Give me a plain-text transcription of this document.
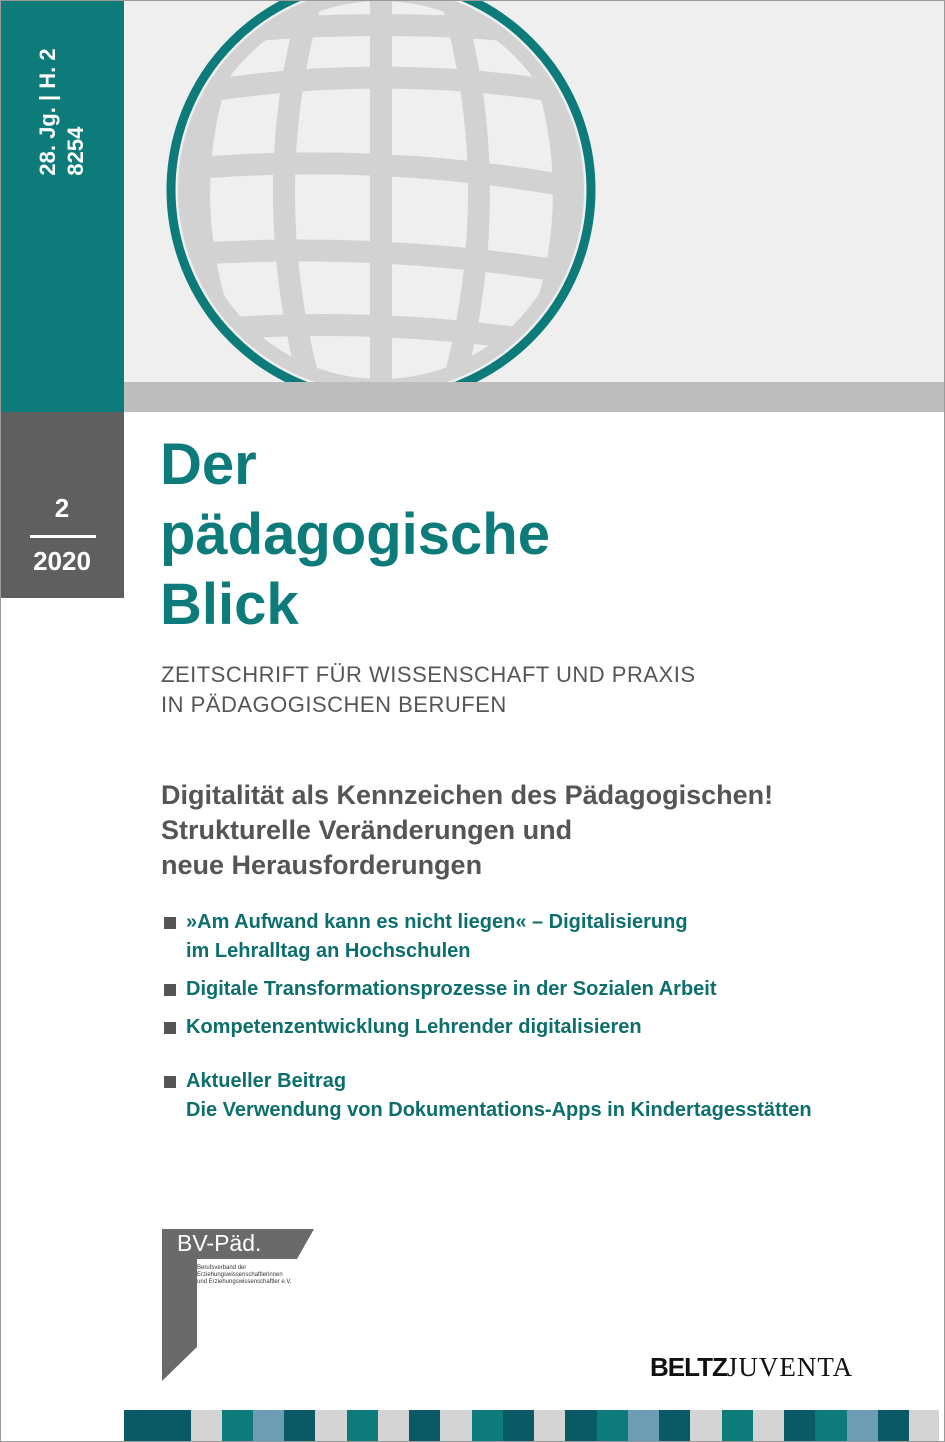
28. Jg. | H. 2 8254
2
2020
Der
pädagogische
Blick
ZEITSCHRIFT FÜR WISSENSCHAFT UND PRAXIS
IN PÄDAGOGISCHEN BERUFEN
Digitalität als Kennzeichen des Pädagogischen!
Strukturelle Veränderungen und
neue Herausforderungen
»Am Aufwand kann es nicht liegen« – Digitalisierung
im Lehralltag an Hochschulen
Digitale Transformationsprozesse in der Sozialen Arbeit
Kompetenzentwicklung Lehrender digitalisieren
Aktueller Beitrag
Die Verwendung von Dokumentations-Apps in Kindertagesstätten
BV-Päd.
Berufsverband der
Erziehungswissenschaftlerinnen
und Erziehungswissenschaftler e.V.
BELTZJUVENTA
